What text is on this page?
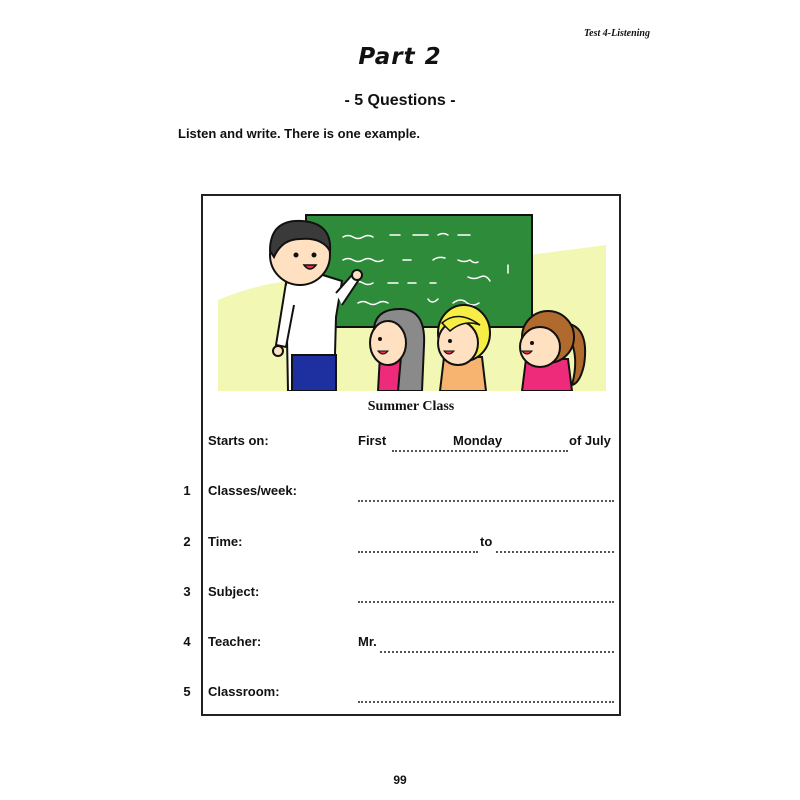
Test 4-Listening
Part 2
- 5 Questions -
Listen and write. There is one example.
Summer Class
Starts on:	First	Monday	of July
1	Classes/week:
2	Time:	to
3	Subject:
4	Teacher:	Mr.
5	Classroom:
99
